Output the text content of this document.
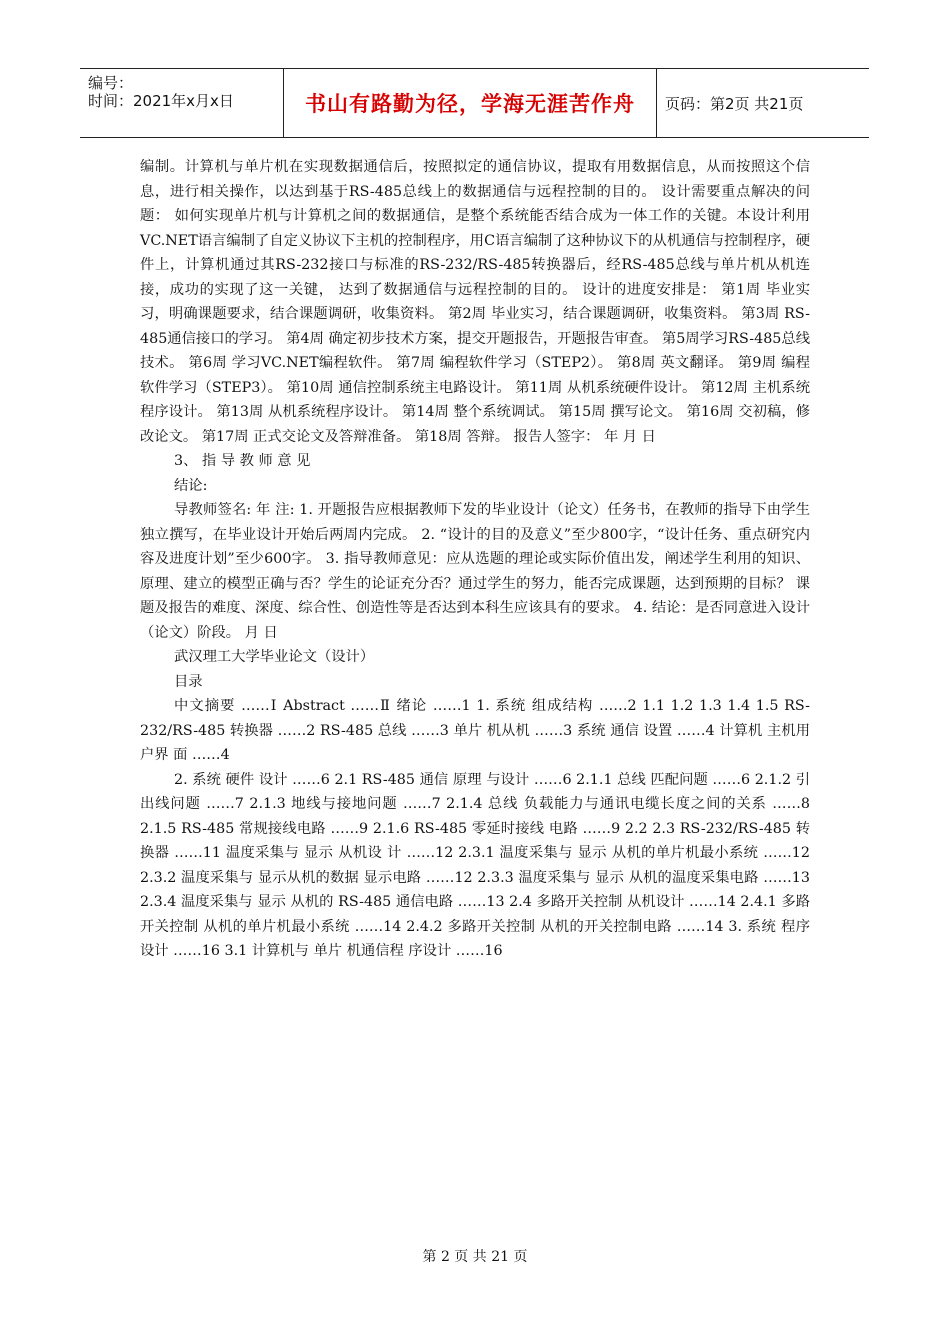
编号：
时间：2021年x月x日	书山有路勤为径，学海无涯苦作舟 页码：第2页 共21页

编制。计算机与单片机在实现数据通信后，按照拟定的通信协议，提取有用数据信息，从而按照这个信息，进行相关操作，以达到基于RS-485总线上的数据通信与远程控制的目的。 设计需要重点解决的问题： 如何实现单片机与计算机之间的数据通信，是整个系统能否结合成为一体工作的关键。本设计利用VC.NET语言编制了自定义协议下主机的控制程序，用C语言编制了这种协议下的从机通信与控制程序，硬件上，计算机通过其RS-232接口与标准的RS-232/RS-485转换器后，经RS-485总线与单片机从机连接，成功的实现了这一关键， 达到了数据通信与远程控制的目的。 设计的进度安排是： 第1周 毕业实习，明确课题要求，结合课题调研，收集资料。 第2周 毕业实习，结合课题调研，收集资料。 第3周 RS-485通信接口的学习。 第4周 确定初步技术方案，提交开题报告，开题报告审查。 第5周学习RS-485总线技术。 第6周 学习VC.NET编程软件。 第7周 编程软件学习（STEP2）。 第8周 英文翻译。 第9周 编程软件学习（STEP3）。 第10周 通信控制系统主电路设计。 第11周 从机系统硬件设计。 第12周 主机系统程序设计。 第13周 从机系统程序设计。 第14周 整个系统调试。 第15周 撰写论文。 第16周 交初稿，修改论文。 第17周 正式交论文及答辩准备。 第18周 答辩。 报告人签字： 年 月 日

3、 指 导 教 师 意 见

结论:

导教师签名: 年 注: 1. 开题报告应根据教师下发的毕业设计（论文）任务书，在教师的指导下由学生独立撰写，在毕业设计开始后两周内完成。 2. “设计的目的及意义”至少800字，“设计任务、重点研究内容及进度计划”至少600字。 3. 指导教师意见：应从选题的理论或实际价值出发，阐述学生利用的知识、原理、建立的模型正确与否？学生的论证充分否？通过学生的努力，能否完成课题，达到预期的目标？ 课题及报告的难度、深度、综合性、创造性等是否达到本科生应该具有的要求。 4. 结论：是否同意进入设计（论文）阶段。 月 日

武汉理工大学毕业论文（设计）

目录

中文摘要 ……Ⅰ Abstract ……Ⅱ 绪论 ……1 1. 系统 组成结构 ……2 1.1 1.2 1.3 1.4 1.5 RS-232/RS-485 转换器 ……2 RS-485 总线 ……3 单片 机从机 ……3 系统 通信 设置 ……4 计算机 主机用 户界 面 ……4

2. 系统 硬件 设计 ……6 2.1 RS-485 通信 原理 与设计 ……6 2.1.1 总线 匹配问题 ……6 2.1.2 引出线问题 ……7 2.1.3 地线与接地问题 ……7 2.1.4 总线 负载能力与通讯电缆长度之间的关系 ……8 2.1.5 RS-485 常规接线电路 ……9 2.1.6 RS-485 零延时接线 电路 ……9 2.2 2.3 RS-232/RS-485 转换器 ……11 温度采集与 显示 从机设 计 ……12 2.3.1 温度采集与 显示 从机的单片机最小系统 ……12 2.3.2 温度采集与 显示从机的数据 显示电路 ……12 2.3.3 温度采集与 显示 从机的温度采集电路 ……13 2.3.4 温度采集与 显示 从机的 RS-485 通信电路 ……13 2.4 多路开关控制 从机设计 ……14 2.4.1 多路开关控制 从机的单片机最小系统 ……14 2.4.2 多路开关控制 从机的开关控制电路 ……14 3. 系统 程序设计 ……16 3.1 计算机与 单片 机通信程 序设计 ……16

第 2 页 共 21 页
